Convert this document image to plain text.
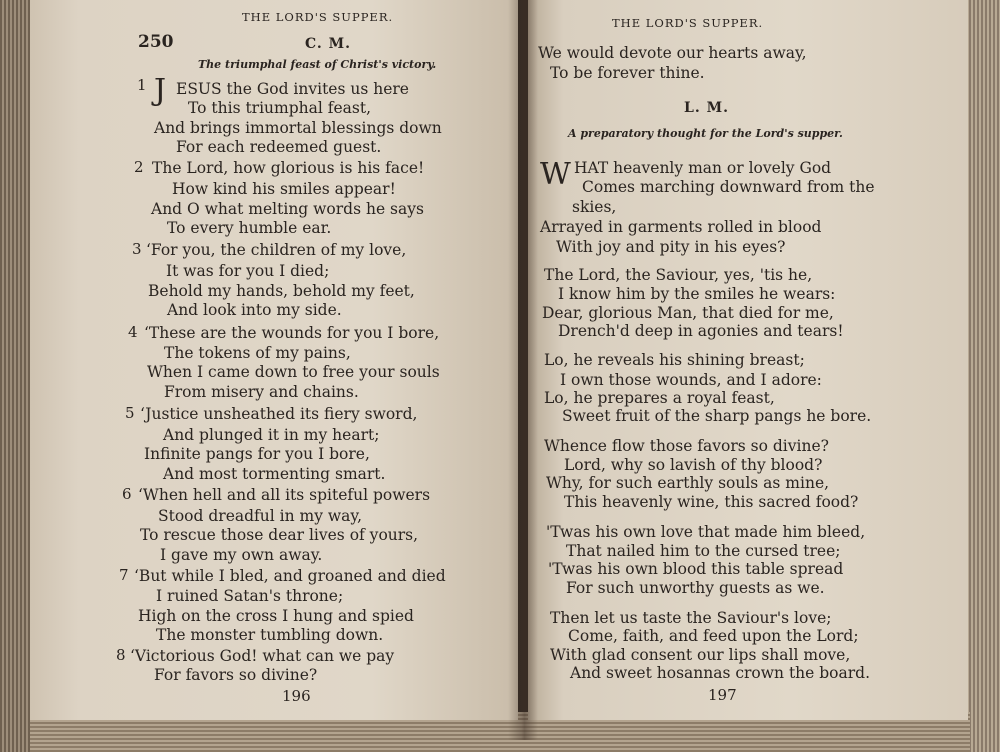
THE LORD'S SUPPER.
250	C. M.
The triumphal feast of Christ's victory.
1 J ESUS the God invites us here
To this triumphal feast,
And brings immortal blessings down
For each redeemed guest.
2 The Lord, how glorious is his face!
How kind his smiles appear!
And O what melting words he says
To every humble ear.
3 ‘For you, the children of my love,
It was for you I died;
Behold my hands, behold my feet,
And look into my side.
4 ‘These are the wounds for you I bore,
The tokens of my pains,
When I came down to free your souls
From misery and chains.
5 ‘Justice unsheathed its fiery sword,
And plunged it in my heart;
Infinite pangs for you I bore,
And most tormenting smart.
6 ‘When hell and all its spiteful powers
Stood dreadful in my way,
To rescue those dear lives of yours,
I gave my own away.
7 ‘But while I bled, and groaned and died
I ruined Satan's throne;
High on the cross I hung and spied
The monster tumbling down.
8 ‘Victorious God! what can we pay
For favors so divine?
196
THE LORD'S SUPPER.
We would devote our hearts away,
To be forever thine.
L. M.
A preparatory thought for the Lord's supper.
W HAT heavenly man or lovely God
Comes marching downward from the
skies,
Arrayed in garments rolled in blood
With joy and pity in his eyes?
The Lord, the Saviour, yes, 'tis he,
I know him by the smiles he wears:
Dear, glorious Man, that died for me,
Drench'd deep in agonies and tears!
Lo, he reveals his shining breast;
I own those wounds, and I adore:
Lo, he prepares a royal feast,
Sweet fruit of the sharp pangs he bore.
Whence flow those favors so divine?
Lord, why so lavish of thy blood?
Why, for such earthly souls as mine,
This heavenly wine, this sacred food?
'Twas his own love that made him bleed,
That nailed him to the cursed tree;
'Twas his own blood this table spread
For such unworthy guests as we.
Then let us taste the Saviour's love;
Come, faith, and feed upon the Lord;
With glad consent our lips shall move,
And sweet hosannas crown the board.
197
